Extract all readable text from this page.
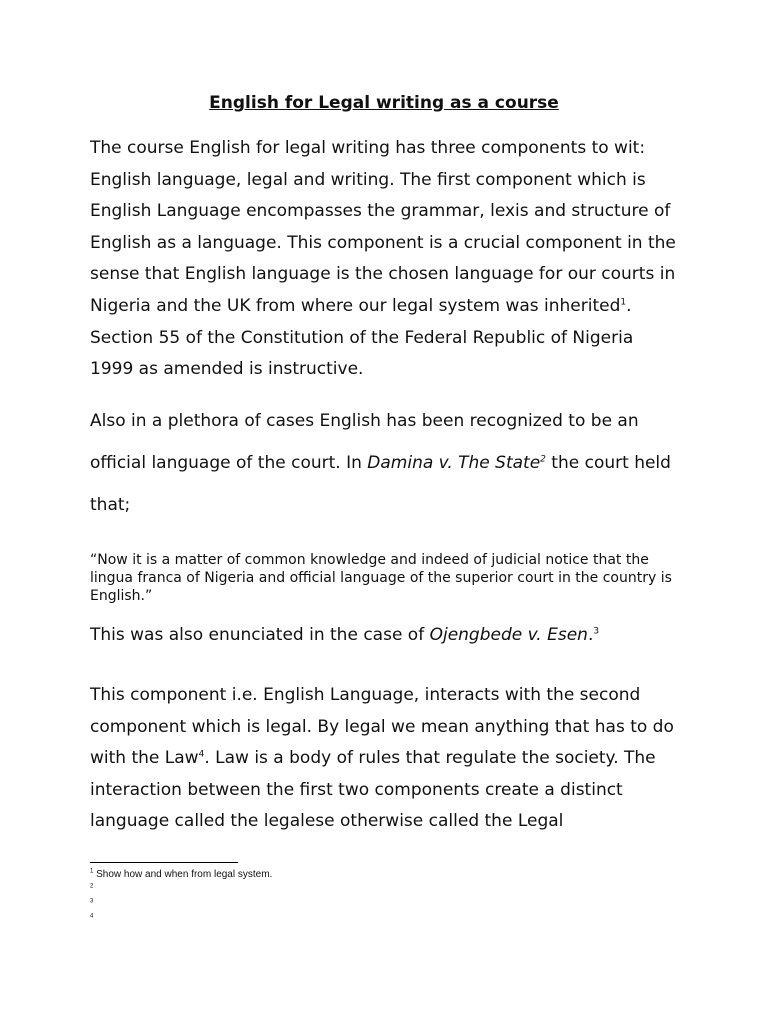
English for Legal writing as a course

The course English for legal writing has three components to wit: English language, legal and writing. The first component which is English Language encompasses the grammar, lexis and structure of English as a language. This component is a crucial component in the sense that English language is the chosen language for our courts in Nigeria and the UK from where our legal system was inherited$^1$. Section 55 of the Constitution of the Federal Republic of Nigeria 1999 as amended is instructive.

Also in a plethora of cases English has been recognized to be an official language of the court. In Damina v. The State$^2$ the court held that;

“Now it is a matter of common knowledge and indeed of judicial notice that the lingua franca of Nigeria and official language of the superior court in the country is English.”

This was also enunciated in the case of Ojengbede v. Esen.$^3$

This component i.e. English Language, interacts with the second component which is legal. By legal we mean anything that has to do with the Law$^4$. Law is a body of rules that regulate the society. The interaction between the first two components create a distinct language called the legalese otherwise called the Legal

$^1$ Show how and when from legal system.
$^2$
$^3$
$^4$
